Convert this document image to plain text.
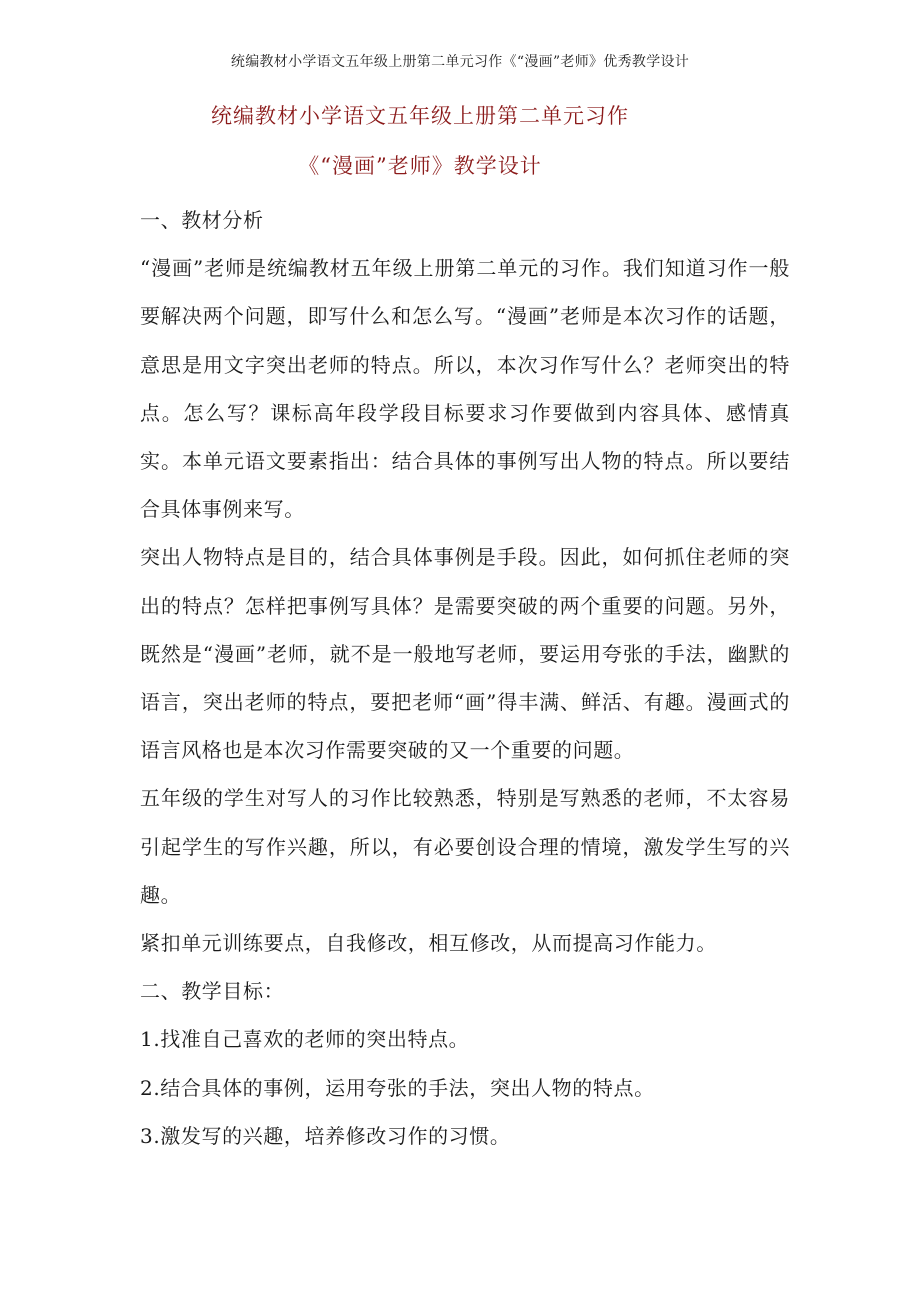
统编教材小学语文五年级上册第二单元习作《“漫画”老师》优秀教学设计
统编教材小学语文五年级上册第二单元习作
《“漫画”老师》教学设计

一、教材分析

“漫画”老师是统编教材五年级上册第二单元的习作。我们知道习作一般要解决两个问题，即写什么和怎么写。“漫画”老师是本次习作的话题，意思是用文字突出老师的特点。所以，本次习作写什么？老师突出的特点。怎么写？课标高年段学段目标要求习作要做到内容具体、感情真实。本单元语文要素指出：结合具体的事例写出人物的特点。所以要结合具体事例来写。

突出人物特点是目的，结合具体事例是手段。因此，如何抓住老师的突出的特点？怎样把事例写具体？是需要突破的两个重要的问题。另外，既然是“漫画”老师，就不是一般地写老师，要运用夸张的手法，幽默的语言，突出老师的特点，要把老师“画”得丰满、鲜活、有趣。漫画式的语言风格也是本次习作需要突破的又一个重要的问题。

五年级的学生对写人的习作比较熟悉，特别是写熟悉的老师，不太容易引起学生的写作兴趣，所以，有必要创设合理的情境，激发学生写的兴趣。

紧扣单元训练要点，自我修改，相互修改，从而提高习作能力。

二、教学目标：

1.找准自己喜欢的老师的突出特点。

2.结合具体的事例，运用夸张的手法，突出人物的特点。

3.激发写的兴趣，培养修改习作的习惯。
